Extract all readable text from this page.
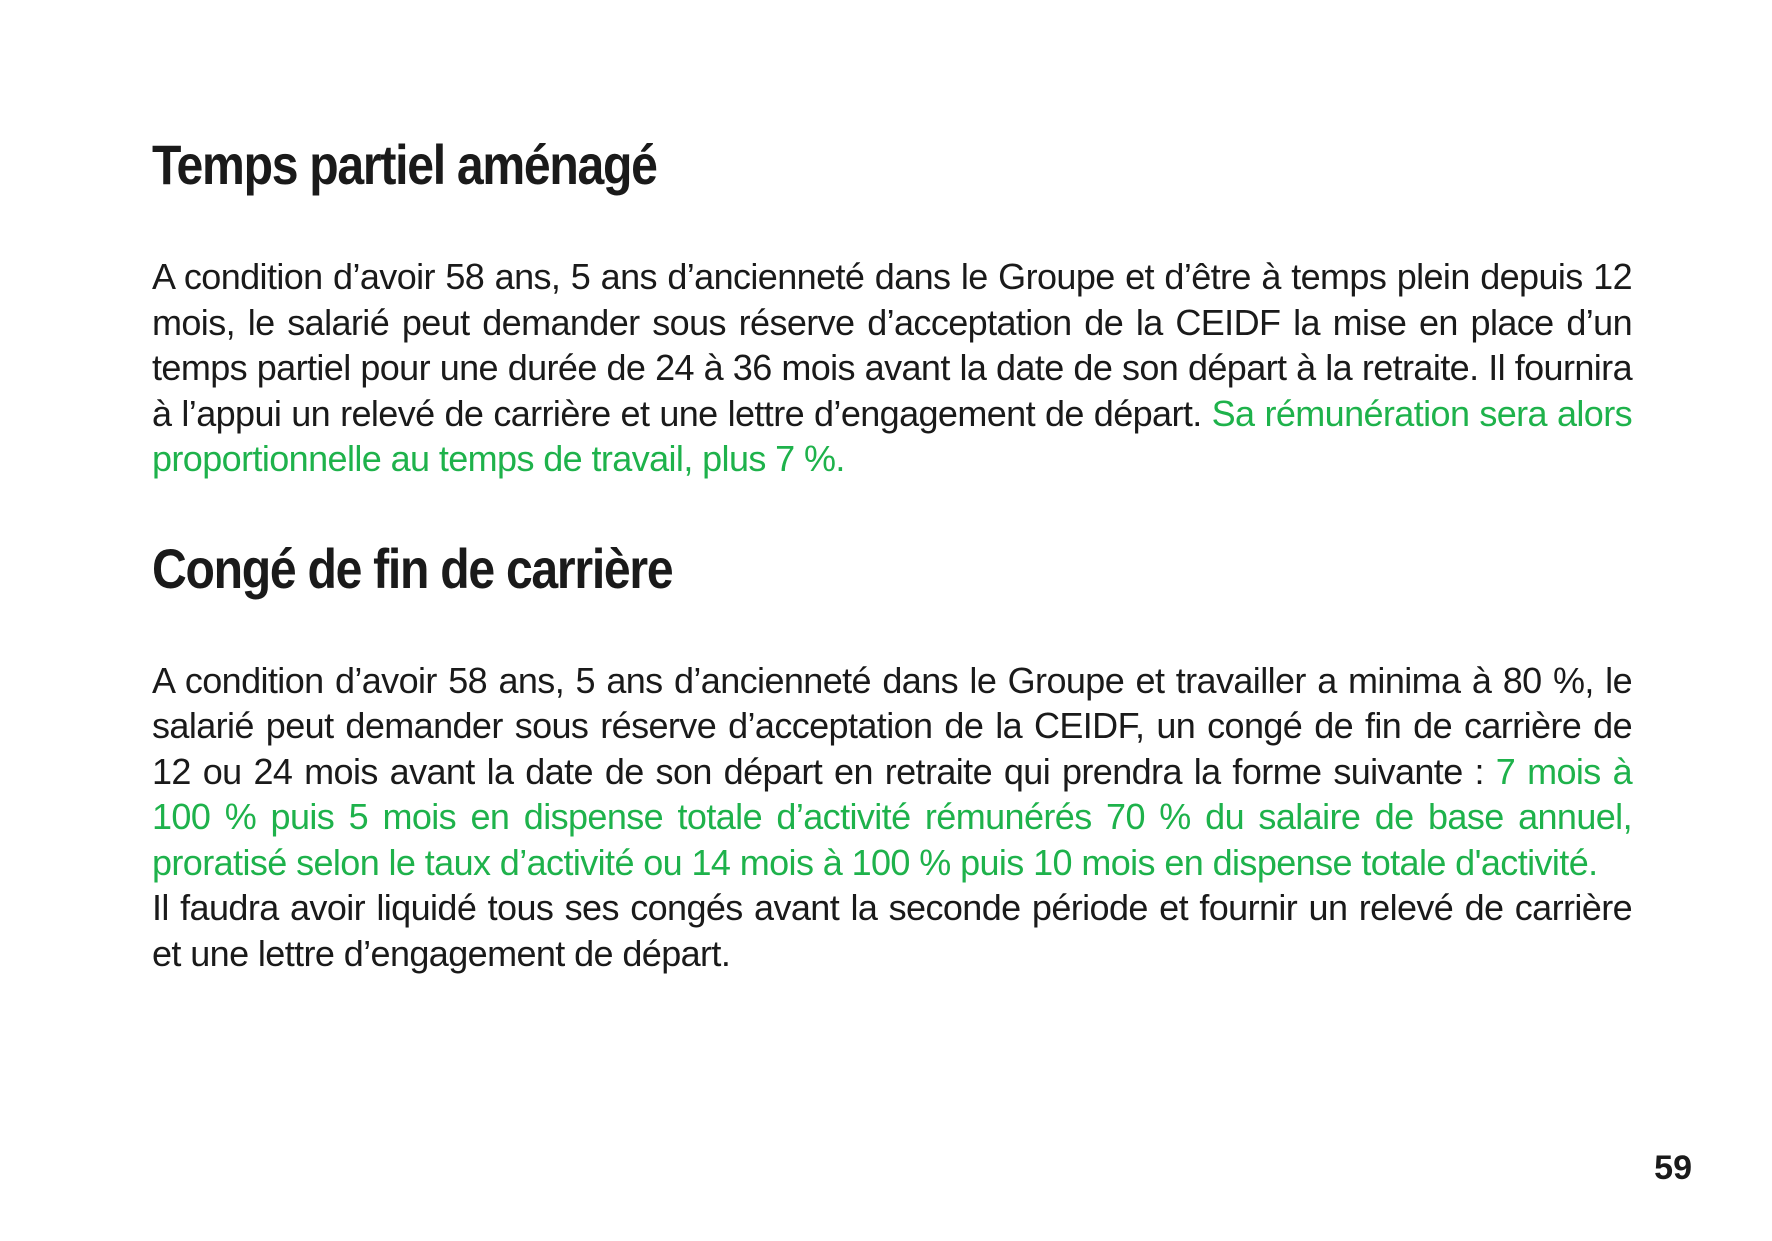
Temps partiel aménagé

A condition d’avoir 58 ans, 5 ans d’ancienneté dans le Groupe et d’être à temps plein depuis 12 mois, le salarié peut demander sous réserve d’acceptation de la CEIDF la mise en place d’un temps partiel pour une durée de 24 à 36 mois avant la date de son départ à la retraite. Il fournira à l’appui un relevé de carrière et une lettre d’engagement de départ. Sa rémunération sera alors proportionnelle au temps de travail, plus 7 %.

Congé de fin de carrière

A condition d’avoir 58 ans, 5 ans d’ancienneté dans le Groupe et travailler a minima à 80 %, le salarié peut demander sous réserve d’acceptation de la CEIDF, un congé de fin de carrière de 12 ou 24 mois avant la date de son départ en retraite qui prendra la forme suivante : 7 mois à 100 % puis 5 mois en dispense totale d’activité rémunérés 70 % du salaire de base annuel, proratisé selon le taux d’activité ou 14 mois à 100 % puis 10 mois en dispense totale d'activité.

Il faudra avoir liquidé tous ses congés avant la seconde période et fournir un relevé de carrière et une lettre d’engagement de départ.

59
